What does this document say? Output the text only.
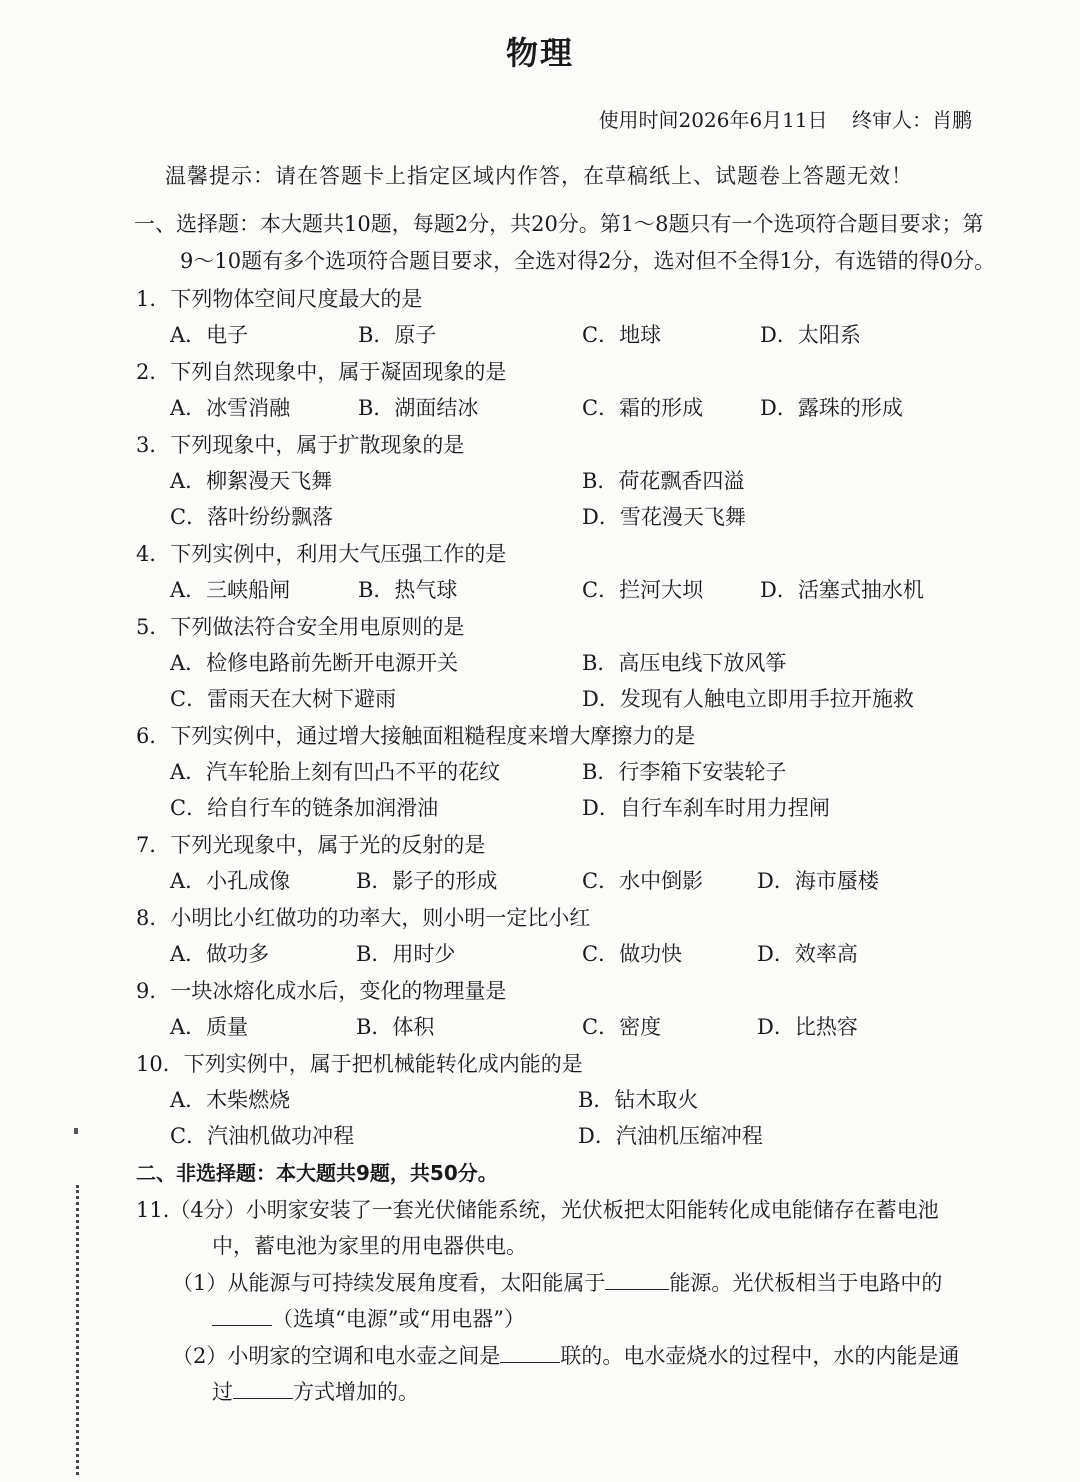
物理
使用时间2026年6月11日 终审人：肖鹏
温馨提示：请在答题卡上指定区域内作答，在草稿纸上、试题卷上答题无效！
一、选择题：本大题共10题，每题2分，共20分。第1～8题只有一个选项符合题目要求；第
9～10题有多个选项符合题目要求，全选对得2分，选对但不全得1分，有选错的得0分。
1．下列物体空间尺度最大的是
A．电子	B．原子	C．地球	D．太阳系
2．下列自然现象中，属于凝固现象的是
A．冰雪消融	B．湖面结冰	C．霜的形成	D．露珠的形成
3．下列现象中，属于扩散现象的是
A．柳絮漫天飞舞	B．荷花飘香四溢
C．落叶纷纷飘落	D．雪花漫天飞舞
4．下列实例中，利用大气压强工作的是
A．三峡船闸	B．热气球	C．拦河大坝	D．活塞式抽水机
5．下列做法符合安全用电原则的是
A．检修电路前先断开电源开关	B．高压电线下放风筝
C．雷雨天在大树下避雨	D．发现有人触电立即用手拉开施救
6．下列实例中，通过增大接触面粗糙程度来增大摩擦力的是
A．汽车轮胎上刻有凹凸不平的花纹	B．行李箱下安装轮子
C．给自行车的链条加润滑油	D．自行车刹车时用力捏闸
7．下列光现象中，属于光的反射的是
A．小孔成像	B．影子的形成	C．水中倒影	D．海市蜃楼
8．小明比小红做功的功率大，则小明一定比小红
A．做功多	B．用时少	C．做功快	D．效率高
9．一块冰熔化成水后，变化的物理量是
A．质量	B．体积	C．密度	D．比热容
10．下列实例中，属于把机械能转化成内能的是
A．木柴燃烧	B．钻木取火
C．汽油机做功冲程	D．汽油机压缩冲程
二、非选择题：本大题共9题，共50分。
11.（4分）小明家安装了一套光伏储能系统，光伏板把太阳能转化成电能储存在蓄电池
中，蓄电池为家里的用电器供电。
（1）从能源与可持续发展角度看，太阳能属于	能源。光伏板相当于电路中的
（选填“电源”或“用电器”）
（2）小明家的空调和电水壶之间是	联的。电水壶烧水的过程中，水的内能是通
过	方式增加的。
